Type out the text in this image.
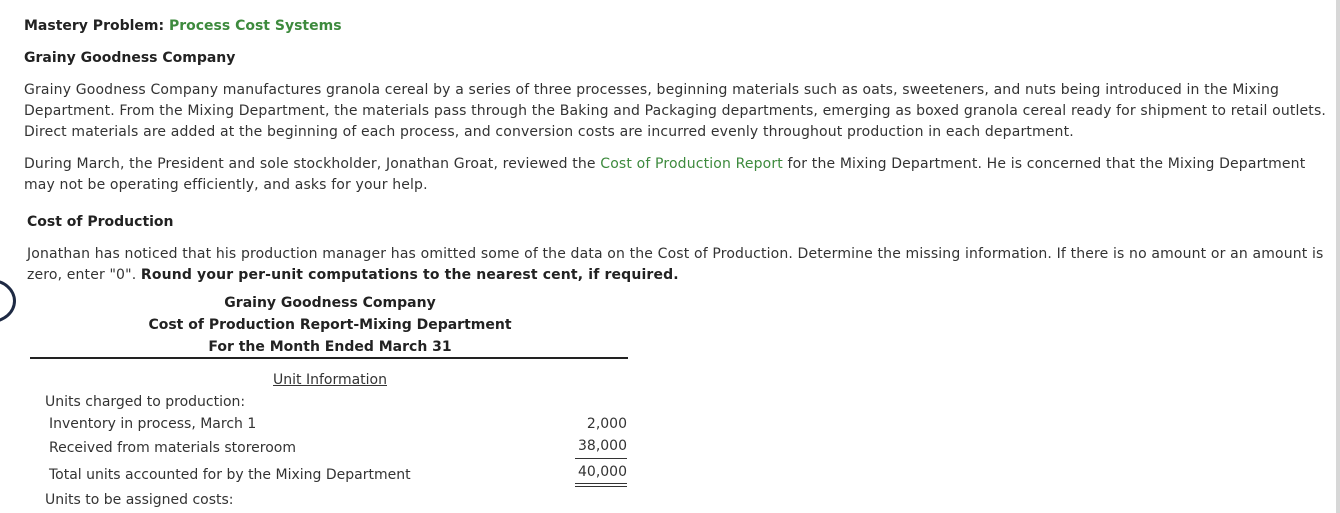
Mastery Problem: Process Cost Systems
Grainy Goodness Company
Grainy Goodness Company manufactures granola cereal by a series of three processes, beginning materials such as oats, sweeteners, and nuts being introduced in the Mixing Department. From the Mixing Department, the materials pass through the Baking and Packaging departments, emerging as boxed granola cereal ready for shipment to retail outlets. Direct materials are added at the beginning of each process, and conversion costs are incurred evenly throughout production in each department.
During March, the President and sole stockholder, Jonathan Groat, reviewed the Cost of Production Report for the Mixing Department. He is concerned that the Mixing Department may not be operating efficiently, and asks for your help.
Cost of Production
Jonathan has noticed that his production manager has omitted some of the data on the Cost of Production. Determine the missing information. If there is no amount or an amount is zero, enter "0". Round your per-unit computations to the nearest cent, if required.
Grainy Goodness Company
Cost of Production Report-Mixing Department
For the Month Ended March 31
Unit Information
Units charged to production:
Inventory in process, March 1	2,000
Received from materials storeroom	38,000
Total units accounted for by the Mixing Department	40,000
Units to be assigned costs:
